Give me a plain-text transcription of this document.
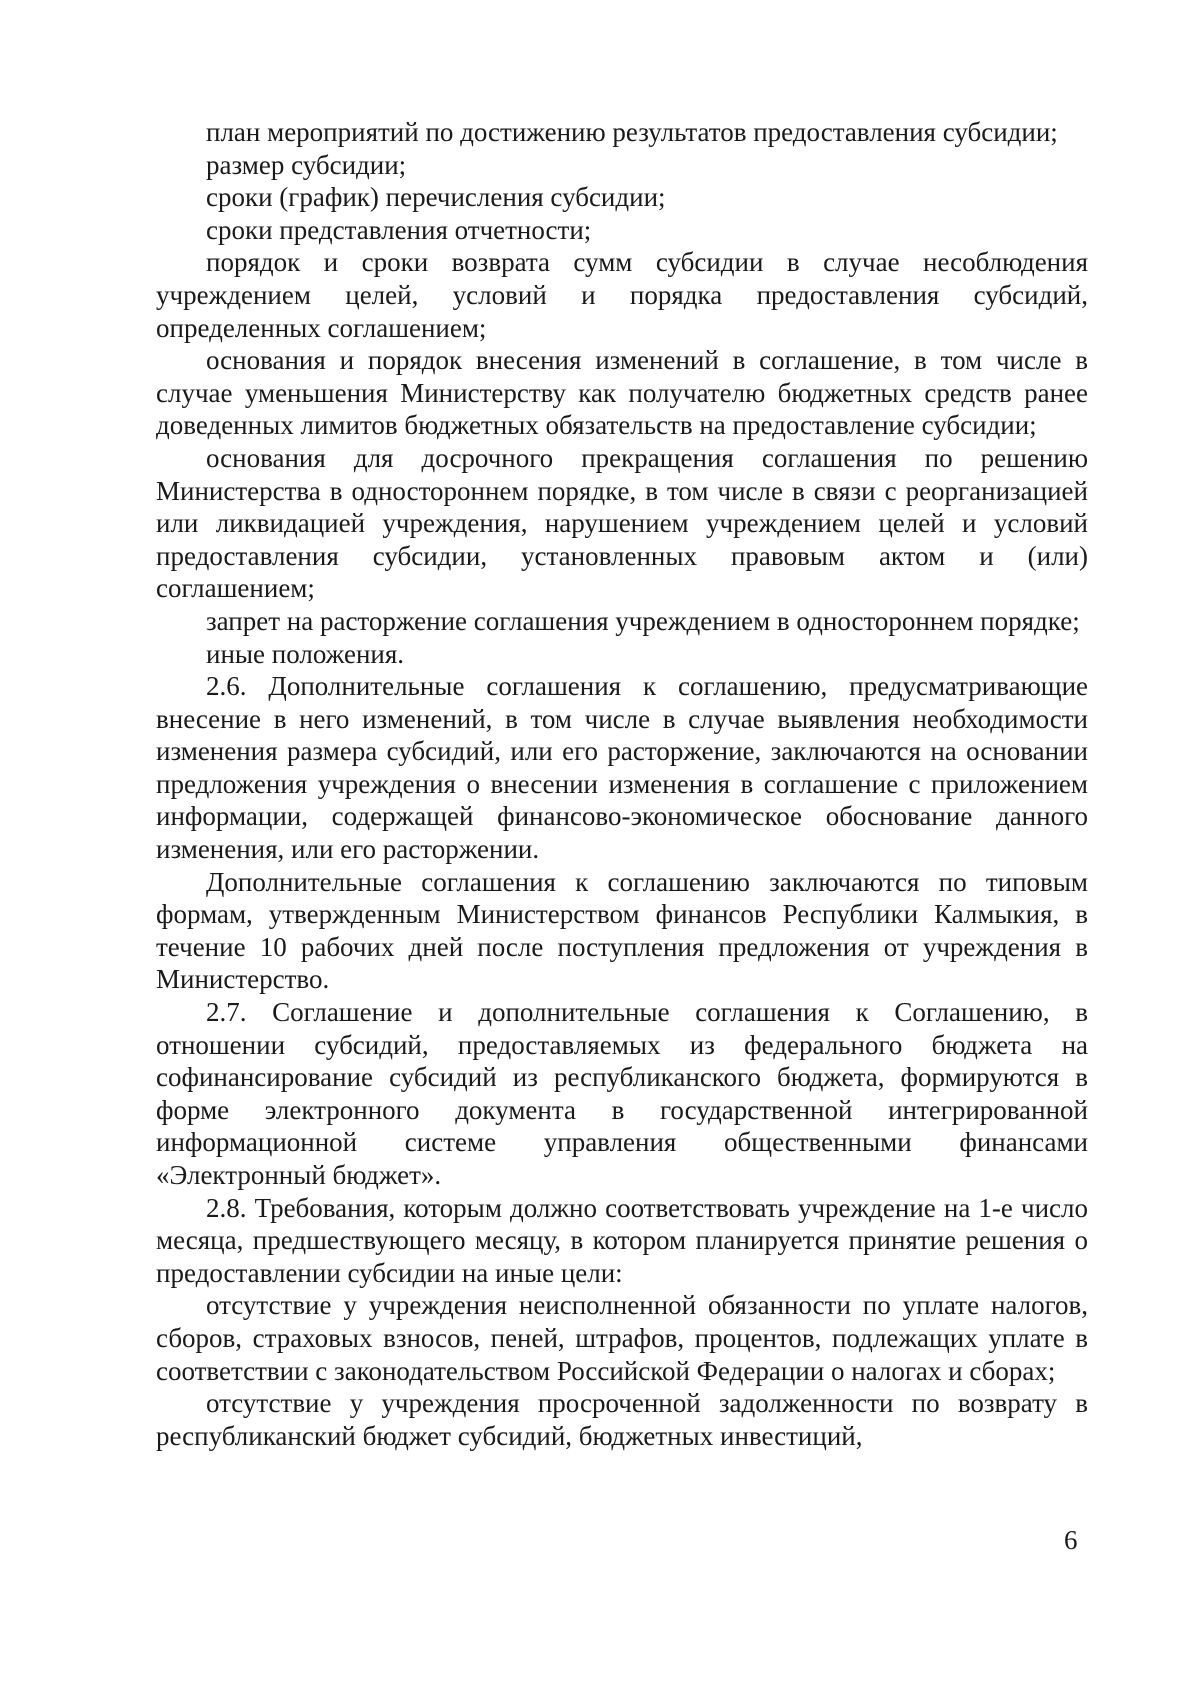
план мероприятий по достижению результатов предоставления субсидии;

размер субсидии;

сроки (график) перечисления субсидии;

сроки представления отчетности;

порядок и сроки возврата сумм субсидии в случае несоблюдения учреждением целей, условий и порядка предоставления субсидий, определенных соглашением;

основания и порядок внесения изменений в соглашение, в том числе в случае уменьшения Министерству как получателю бюджетных средств ранее доведенных лимитов бюджетных обязательств на предоставление субсидии;

основания для досрочного прекращения соглашения по решению Министерства в одностороннем порядке, в том числе в связи с реорганизацией или ликвидацией учреждения, нарушением учреждением целей и условий предоставления субсидии, установленных правовым актом и (или) соглашением;

запрет на расторжение соглашения учреждением в одностороннем порядке;

иные положения.

2.6. Дополнительные соглашения к соглашению, предусматривающие внесение в него изменений, в том числе в случае выявления необходимости изменения размера субсидий, или его расторжение, заключаются на основании предложения учреждения о внесении изменения в соглашение с приложением информации, содержащей финансово-экономическое обоснование данного изменения, или его расторжении.

Дополнительные соглашения к соглашению заключаются по типовым формам, утвержденным Министерством финансов Республики Калмыкия, в течение 10 рабочих дней после поступления предложения от учреждения в Министерство.

2.7. Соглашение и дополнительные соглашения к Соглашению, в отношении субсидий, предоставляемых из федерального бюджета на софинансирование субсидий из республиканского бюджета, формируются в форме электронного документа в государственной интегрированной информационной системе управления общественными финансами «Электронный бюджет».

2.8. Требования, которым должно соответствовать учреждение на 1-е число месяца, предшествующего месяцу, в котором планируется принятие решения о предоставлении субсидии на иные цели:

отсутствие у учреждения неисполненной обязанности по уплате налогов, сборов, страховых взносов, пеней, штрафов, процентов, подлежащих уплате в соответствии с законодательством Российской Федерации о налогах и сборах;

отсутствие у учреждения просроченной задолженности по возврату в республиканский бюджет субсидий, бюджетных инвестиций,

6
